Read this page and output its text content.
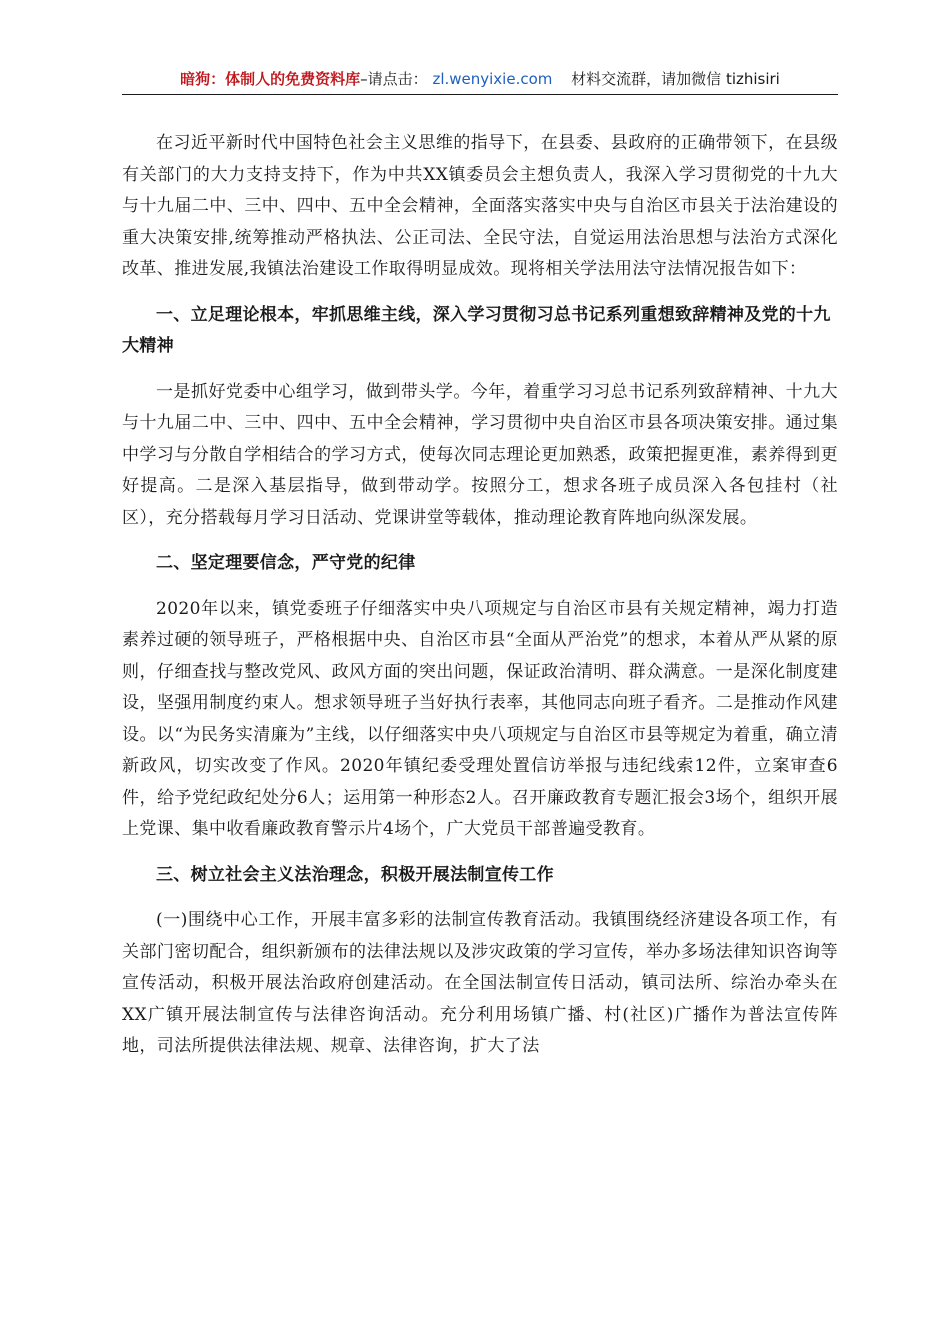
暗狗：体制人的免费资料库–请点击： zl.wenyixie.com 材料交流群，请加微信 tizhisiri

在习近平新时代中国特色社会主义思维的指导下，在县委、县政府的正确带领下，在县级有关部门的大力支持支持下，作为中共XX镇委员会主想负责人，我深入学习贯彻党的十九大与十九届二中、三中、四中、五中全会精神，全面落实落实中央与自治区市县关于法治建设的重大决策安排,统筹推动严格执法、公正司法、全民守法，自觉运用法治思想与法治方式深化改革、推进发展,我镇法治建设工作取得明显成效。现将相关学法用法守法情况报告如下：

一、立足理论根本，牢抓思维主线，深入学习贯彻习总书记系列重想致辞精神及党的十九大精神

一是抓好党委中心组学习，做到带头学。今年，着重学习习总书记系列致辞精神、十九大与十九届二中、三中、四中、五中全会精神，学习贯彻中央自治区市县各项决策安排。通过集中学习与分散自学相结合的学习方式，使每次同志理论更加熟悉，政策把握更准，素养得到更好提高。二是深入基层指导，做到带动学。按照分工，想求各班子成员深入各包挂村（社区），充分搭载每月学习日活动、党课讲堂等载体，推动理论教育阵地向纵深发展。

二、坚定理要信念，严守党的纪律

2020年以来，镇党委班子仔细落实中央八项规定与自治区市县有关规定精神，竭力打造素养过硬的领导班子，严格根据中央、自治区市县“全面从严治党”的想求，本着从严从紧的原则，仔细查找与整改党风、政风方面的突出问题，保证政治清明、群众满意。一是深化制度建设，坚强用制度约束人。想求领导班子当好执行表率，其他同志向班子看齐。二是推动作风建设。以“为民务实清廉为”主线，以仔细落实中央八项规定与自治区市县等规定为着重，确立清新政风，切实改变了作风。2020年镇纪委受理处置信访举报与违纪线索12件，立案审查6件，给予党纪政纪处分6人；运用第一种形态2人。召开廉政教育专题汇报会3场个，组织开展上党课、集中收看廉政教育警示片4场个，广大党员干部普遍受教育。

三、树立社会主义法治理念，积极开展法制宣传工作

(一)围绕中心工作，开展丰富多彩的法制宣传教育活动。我镇围绕经济建设各项工作，有关部门密切配合，组织新颁布的法律法规以及涉灾政策的学习宣传，举办多场法律知识咨询等宣传活动，积极开展法治政府创建活动。在全国法制宣传日活动，镇司法所、综治办牵头在XX广镇开展法制宣传与法律咨询活动。充分利用场镇广播、村(社区)广播作为普法宣传阵地，司法所提供法律法规、规章、法律咨询，扩大了法
